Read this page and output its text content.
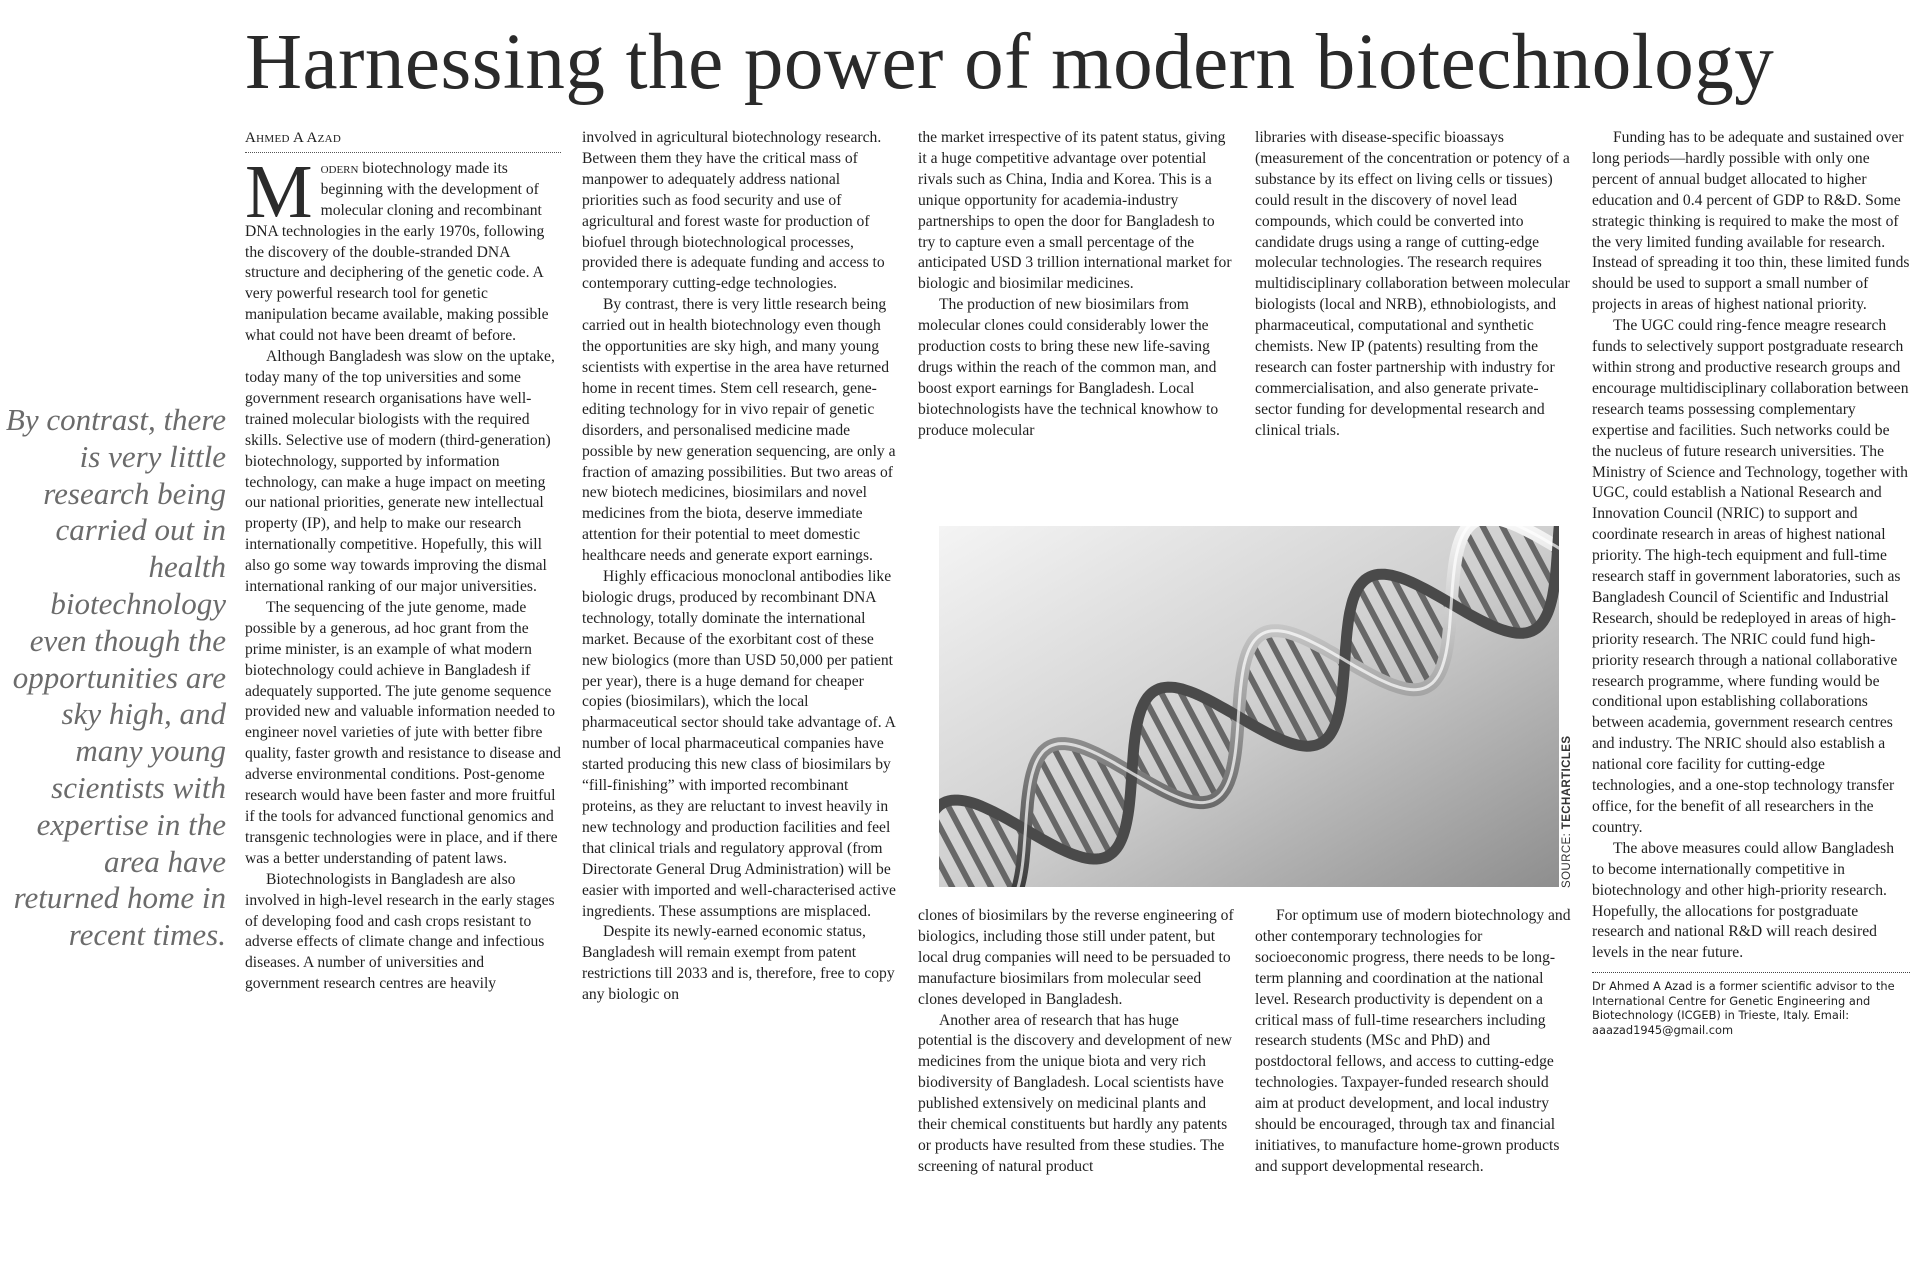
Harnessing the power of modern biotechnology
By contrast, there is very little research being carried out in health biotechnology even though the opportunities are sky high, and many young scientists with expertise in the area have returned home in recent times.
Ahmed A Azad

Modern biotechnology made its beginning with the development of molecular cloning and recombinant DNA technologies in the early 1970s, following the discovery of the double-stranded DNA structure and deciphering of the genetic code. A very powerful research tool for genetic manipulation became available, making possible what could not have been dreamt of before.

Although Bangladesh was slow on the uptake, today many of the top universities and some government research organisations have well-trained molecular biologists with the required skills. Selective use of modern (third-generation) biotechnology, supported by information technology, can make a huge impact on meeting our national priorities, generate new intellectual property (IP), and help to make our research internationally competitive. Hopefully, this will also go some way towards improving the dismal international ranking of our major universities.

The sequencing of the jute genome, made possible by a generous, ad hoc grant from the prime minister, is an example of what modern biotechnology could achieve in Bangladesh if adequately supported. The jute genome sequence provided new and valuable information needed to engineer novel varieties of jute with better fibre quality, faster growth and resistance to disease and adverse environmental conditions. Post-genome research would have been faster and more fruitful if the tools for advanced functional genomics and transgenic technologies were in place, and if there was a better understanding of patent laws.

Biotechnologists in Bangladesh are also involved in high-level research in the early stages of developing food and cash crops resistant to adverse effects of climate change and infectious diseases. A number of universities and government research centres are heavily

involved in agricultural biotechnology research. Between them they have the critical mass of manpower to adequately address national priorities such as food security and use of agricultural and forest waste for production of biofuel through biotechnological processes, provided there is adequate funding and access to contemporary cutting-edge technologies.

By contrast, there is very little research being carried out in health biotechnology even though the opportunities are sky high, and many young scientists with expertise in the area have returned home in recent times. Stem cell research, gene-editing technology for in vivo repair of genetic disorders, and personalised medicine made possible by new generation sequencing, are only a fraction of amazing possibilities. But two areas of new biotech medicines, biosimilars and novel medicines from the biota, deserve immediate attention for their potential to meet domestic healthcare needs and generate export earnings.

Highly efficacious monoclonal antibodies like biologic drugs, produced by recombinant DNA technology, totally dominate the international market. Because of the exorbitant cost of these new biologics (more than USD 50,000 per patient per year), there is a huge demand for cheaper copies (biosimilars), which the local pharmaceutical sector should take advantage of. A number of local pharmaceutical companies have started producing this new class of biosimilars by “fill-finishing” with imported recombinant proteins, as they are reluctant to invest heavily in new technology and production facilities and feel that clinical trials and regulatory approval (from Directorate General Drug Administration) will be easier with imported and well-characterised active ingredients. These assumptions are misplaced.

Despite its newly-earned economic status, Bangladesh will remain exempt from patent restrictions till 2033 and is, therefore, free to copy any biologic on

the market irrespective of its patent status, giving it a huge competitive advantage over potential rivals such as China, India and Korea. This is a unique opportunity for academia-industry partnerships to open the door for Bangladesh to try to capture even a small percentage of the anticipated USD 3 trillion international market for biologic and biosimilar medicines.

The production of new biosimilars from molecular clones could considerably lower the production costs to bring these new life-saving drugs within the reach of the common man, and boost export earnings for Bangladesh. Local biotechnologists have the technical knowhow to produce molecular

libraries with disease-specific bioassays (measurement of the concentration or potency of a substance by its effect on living cells or tissues) could result in the discovery of novel lead compounds, which could be converted into candidate drugs using a range of cutting-edge molecular technologies. The research requires multidisciplinary collaboration between molecular biologists (local and NRB), ethnobiologists, and pharmaceutical, computational and synthetic chemists. New IP (patents) resulting from the research can foster partnership with industry for commercialisation, and also generate private-sector funding for developmental research and clinical trials.

SOURCE: TECHARTICLES

clones of biosimilars by the reverse engineering of biologics, including those still under patent, but local drug companies will need to be persuaded to manufacture biosimilars from molecular seed clones developed in Bangladesh.

Another area of research that has huge potential is the discovery and development of new medicines from the unique biota and very rich biodiversity of Bangladesh. Local scientists have published extensively on medicinal plants and their chemical constituents but hardly any patents or products have resulted from these studies. The screening of natural product

For optimum use of modern biotechnology and other contemporary technologies for socioeconomic progress, there needs to be long-term planning and coordination at the national level. Research productivity is dependent on a critical mass of full-time researchers including research students (MSc and PhD) and postdoctoral fellows, and access to cutting-edge technologies. Taxpayer-funded research should aim at product development, and local industry should be encouraged, through tax and financial initiatives, to manufacture home-grown products and support developmental research.

Funding has to be adequate and sustained over long periods—hardly possible with only one percent of annual budget allocated to higher education and 0.4 percent of GDP to R&D. Some strategic thinking is required to make the most of the very limited funding available for research. Instead of spreading it too thin, these limited funds should be used to support a small number of projects in areas of highest national priority.

The UGC could ring-fence meagre research funds to selectively support postgraduate research within strong and productive research groups and encourage multidisciplinary collaboration between research teams possessing complementary expertise and facilities. Such networks could be the nucleus of future research universities. The Ministry of Science and Technology, together with UGC, could establish a National Research and Innovation Council (NRIC) to support and coordinate research in areas of highest national priority. The high-tech equipment and full-time research staff in government laboratories, such as Bangladesh Council of Scientific and Industrial Research, should be redeployed in areas of high-priority research. The NRIC could fund high-priority research through a national collaborative research programme, where funding would be conditional upon establishing collaborations between academia, government research centres and industry. The NRIC should also establish a national core facility for cutting-edge technologies, and a one-stop technology transfer office, for the benefit of all researchers in the country.

The above measures could allow Bangladesh to become internationally competitive in biotechnology and other high-priority research. Hopefully, the allocations for postgraduate research and national R&D will reach desired levels in the near future.

Dr Ahmed A Azad is a former scientific advisor to the International Centre for Genetic Engineering and Biotechnology (ICGEB) in Trieste, Italy. Email: aaazad1945@gmail.com
